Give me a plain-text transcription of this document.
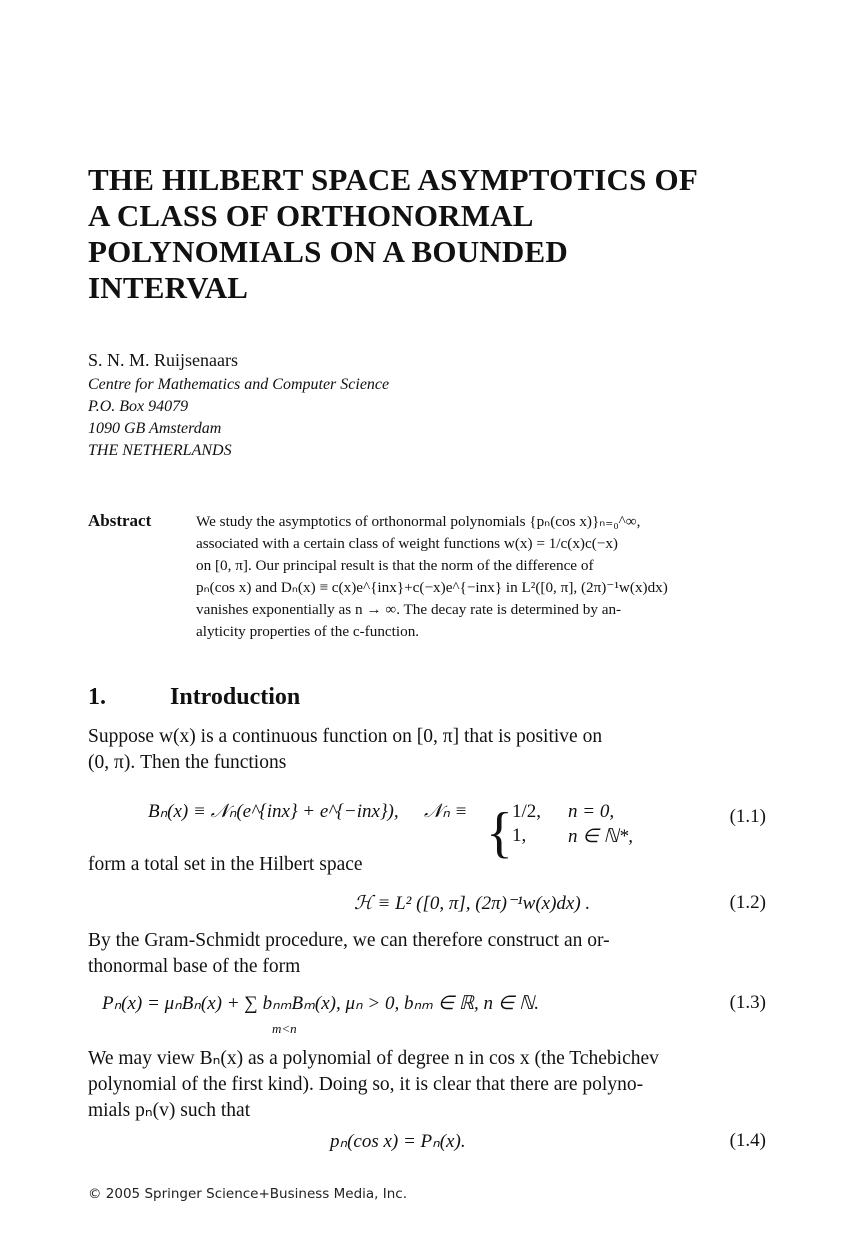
THE HILBERT SPACE ASYMPTOTICS OF
A CLASS OF ORTHONORMAL
POLYNOMIALS ON A BOUNDED
INTERVAL
S. N. M. Ruijsenaars
Centre for Mathematics and Computer Science
P.O. Box 94079
1090 GB Amsterdam
THE NETHERLANDS
Abstract	We study the asymptotics of orthonormal polynomials {pₙ(cos x)}ₙ₌₀^∞,
associated with a certain class of weight functions w(x) = 1/c(x)c(−x)
on [0, π]. Our principal result is that the norm of the difference of
pₙ(cos x) and Dₙ(x) ≡ c(x)e^{inx}+c(−x)e^{−inx} in L²([0, π], (2π)⁻¹w(x)dx)
vanishes exponentially as n → ∞. The decay rate is determined by an-
alyticity properties of the c-function.
1.	Introduction
Suppose w(x) is a continuous function on [0, π] that is positive on
(0, π). Then the functions
Bₙ(x) ≡ 𝒩ₙ(e^{inx} + e^{−inx}), 𝒩ₙ ≡ { 1/2, n = 0,
1, n ∈ ℕ*,
(1.1)
form a total set in the Hilbert space
ℋ ≡ L² ([0, π], (2π)⁻¹w(x)dx) .	(1.2)
By the Gram-Schmidt procedure, we can therefore construct an or-
thonormal base of the form
Pₙ(x) = μₙBₙ(x) + ∑ bₙₘBₘ(x), μₙ > 0, bₙₘ ∈ ℝ, n ∈ ℕ.
m<n
(1.3)
We may view Bₙ(x) as a polynomial of degree n in cos x (the Tchebichev
polynomial of the first kind). Doing so, it is clear that there are polyno-
mials pₙ(v) such that
pₙ(cos x) = Pₙ(x).	(1.4)
© 2005 Springer Science+Business Media, Inc.
